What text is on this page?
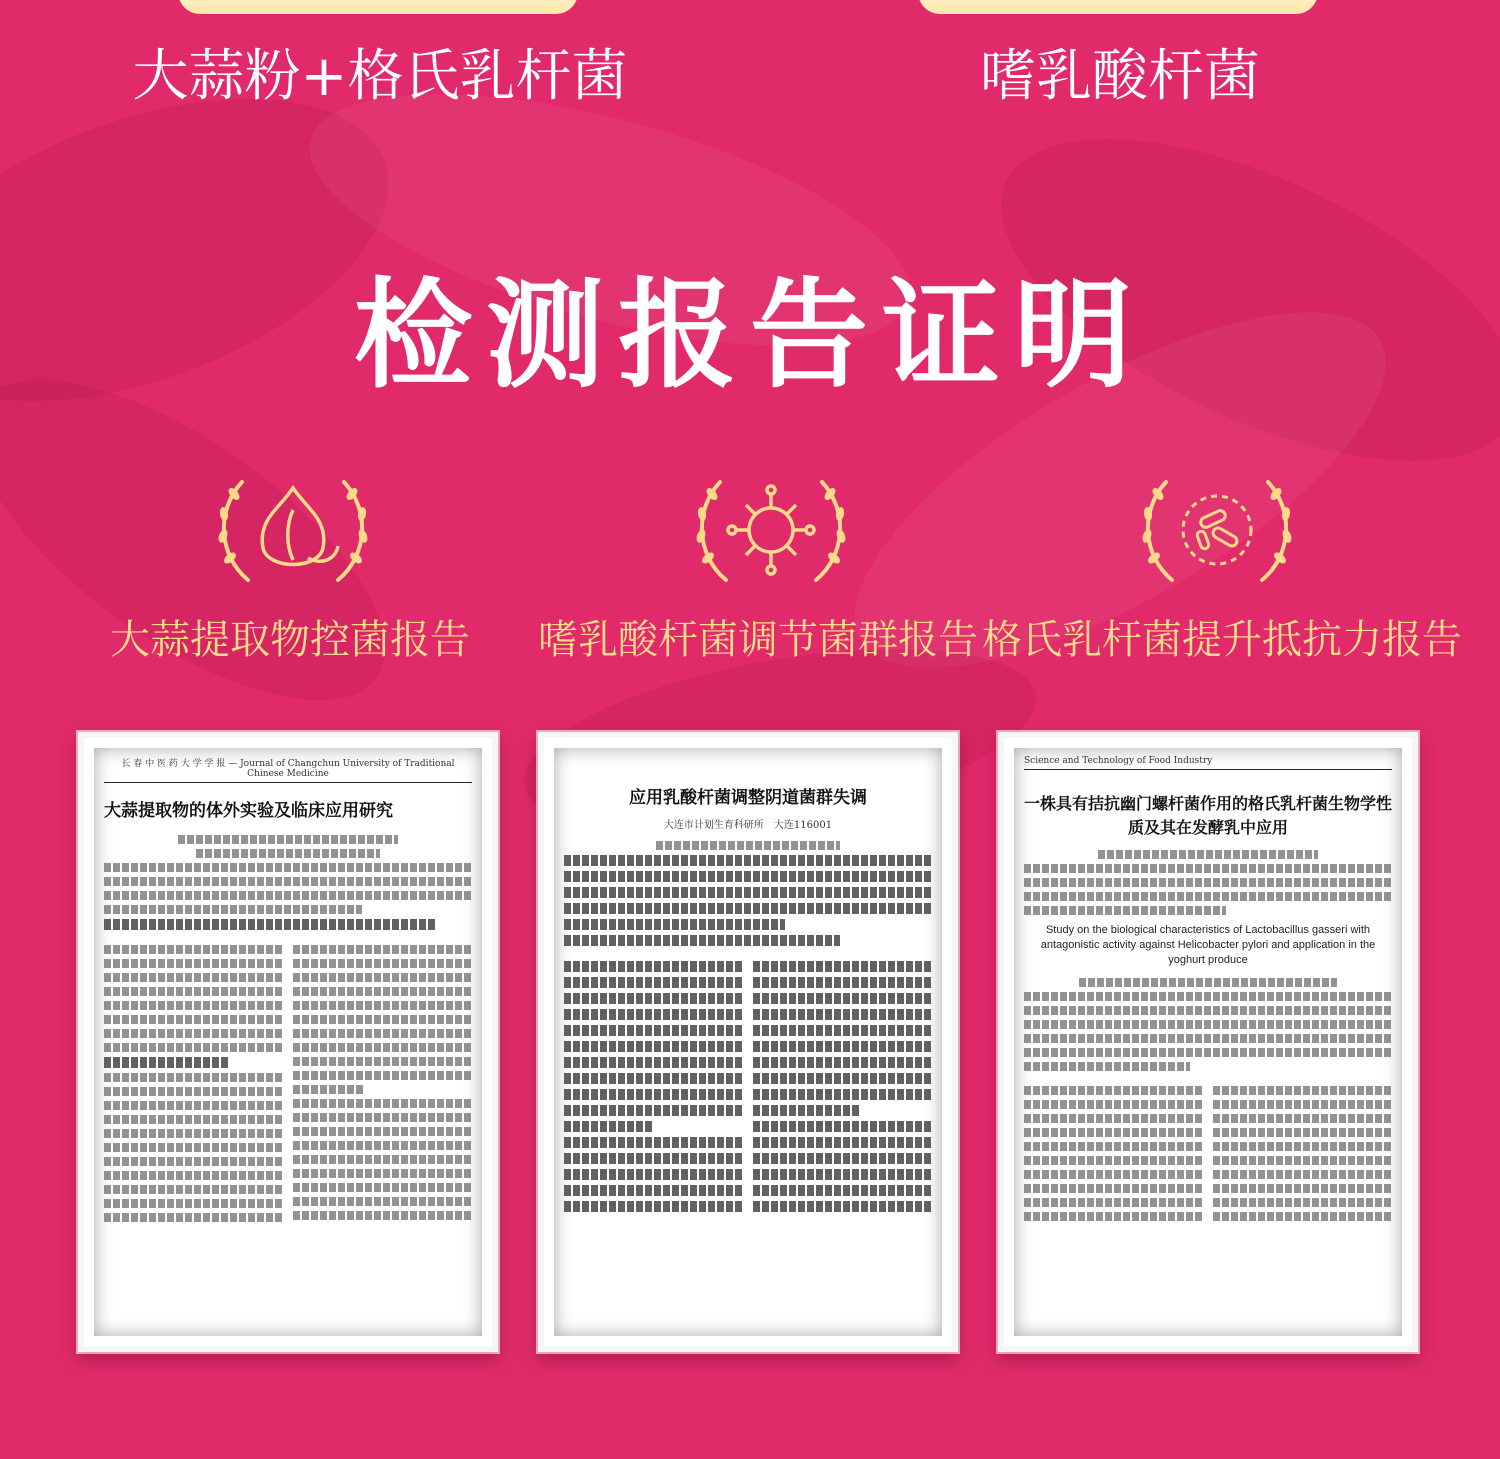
大蒜粉+格氏乳杆菌	嗜乳酸杆菌
检测报告证明
大蒜提取物控菌报告	嗜乳酸杆菌调节菌群报告 格氏乳杆菌提升抵抗力报告
长 春 中 医 药 大 学 学 报 — Journal of Changchun University of Traditional Chinese Medicine
大蒜提取物的体外实验及临床应用研究
应用乳酸杆菌调整阴道菌群失调
大连市计划生育科研所　大连116001
Science and Technology of Food Industry
一株具有拮抗幽门螺杆菌作用的格氏乳杆菌生物学性质及其在发酵乳中应用
Study on the biological characteristics of Lactobacillus gasseri with antagonistic activity against Helicobacter pylori and application in the yoghurt produce
